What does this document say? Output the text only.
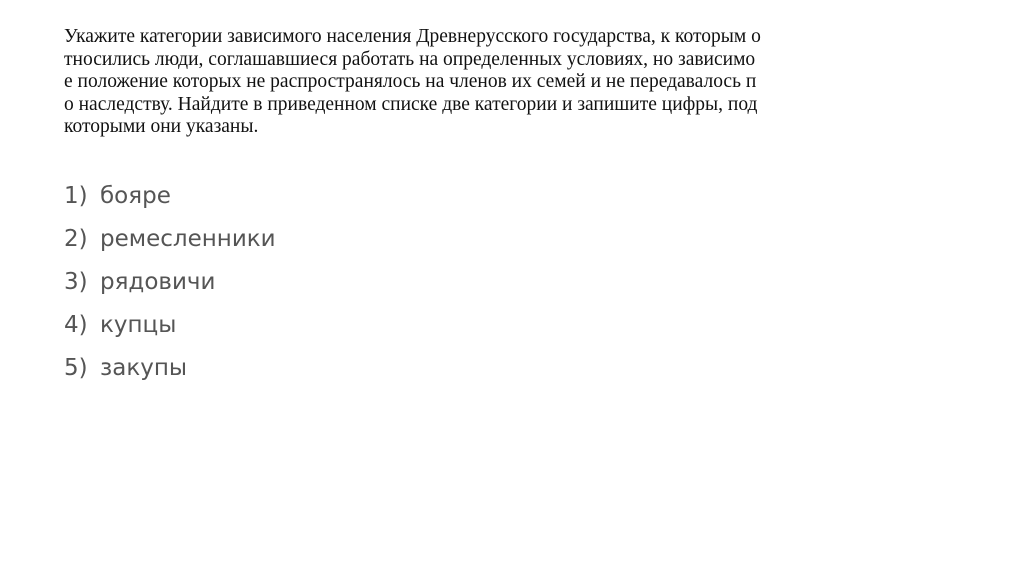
Укажите категории зависимого населения Древнерусского государства, к которым о
тносились люди, соглашавшиеся работать на определенных условиях, но зависимо
е положение которых не распространялось на членов их семей и не передавалось п
о наследству. Найдите в приведенном списке две категории и запишите цифры, под
которыми они указаны.

1) бояре
2) ремесленники
3) рядовичи
4) купцы
5) закупы
